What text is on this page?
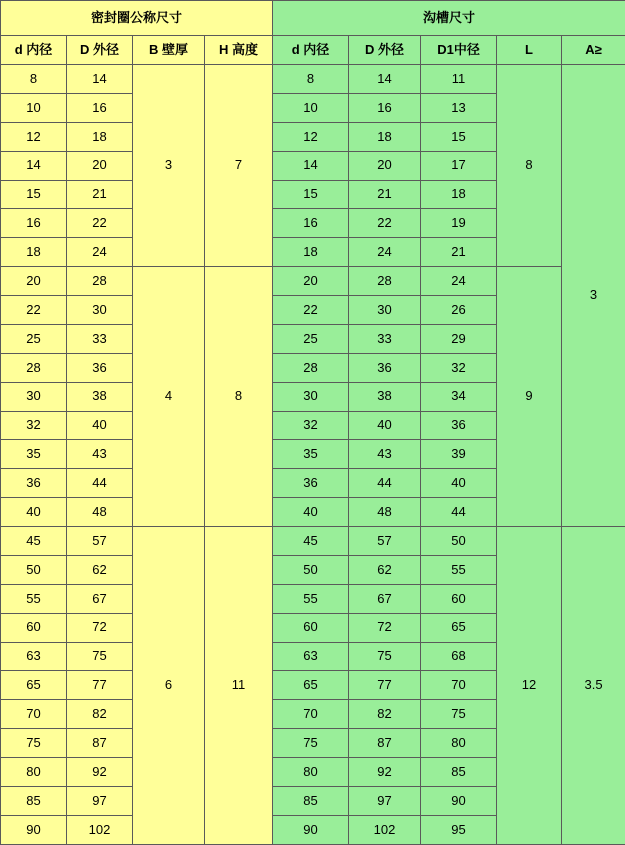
密封圈公称尺寸				沟槽尺寸				
d 内径	D 外径	B 壁厚	H 高度	d 内径	D 外径	D1中径	L	A≥
8	14	3	7	8	14	11	8	3
10	16			10	16	13		
12	18			12	18	15		
14	20			14	20	17		
15	21			15	21	18		
16	22			16	22	19		
18	24			18	24	21		
20	28	4	8	20	28	24	9	
22	30			22	30	26		
25	33			25	33	29		
28	36			28	36	32		
30	38			30	38	34		
32	40			32	40	36		
35	43			35	43	39		
36	44			36	44	40		
40	48			40	48	44		
45	57	6	11	45	57	50	12	3.5
50	62			50	62	55		
55	67			55	67	60		
60	72			60	72	65		
63	75			63	75	68		
65	77			65	77	70		
70	82			70	82	75		
75	87			75	87	80		
80	92			80	92	85		
85	97			85	97	90		
90	102			90	102	95		
